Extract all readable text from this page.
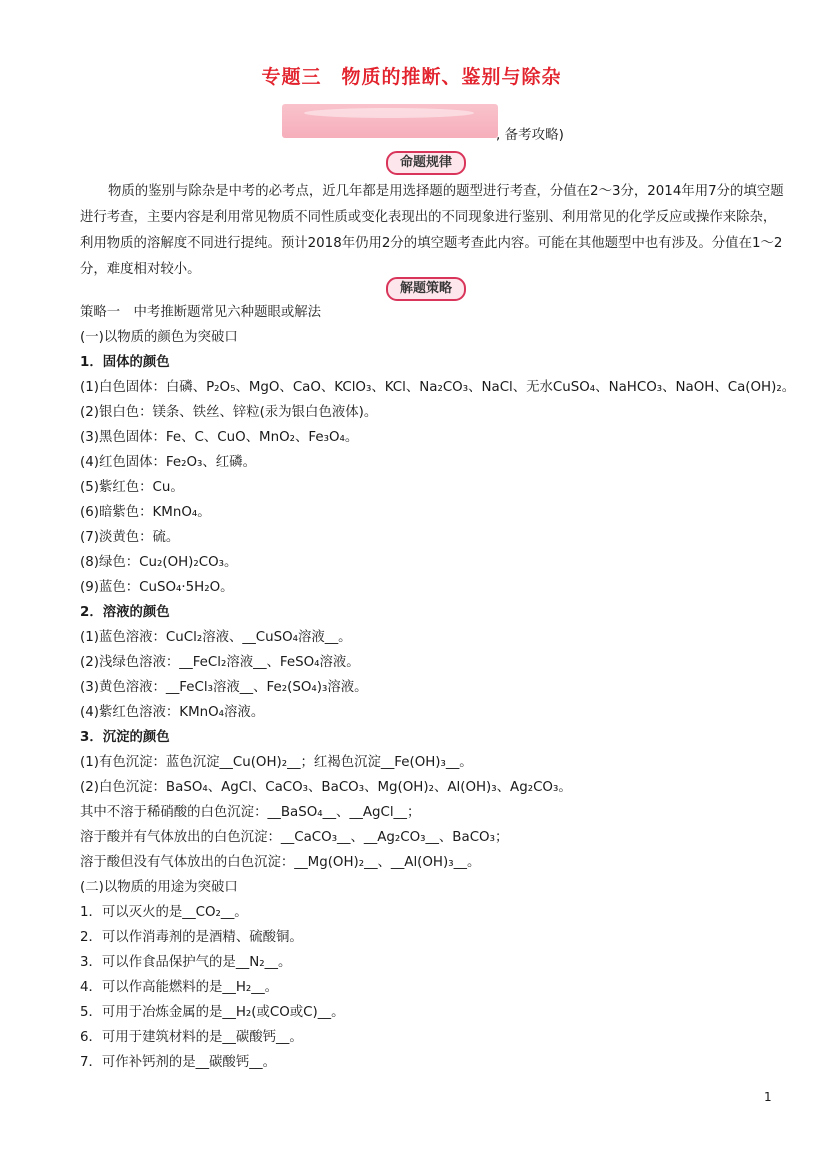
专题三　物质的推断、鉴别与除杂
, 备考攻略)
命题规律
物质的鉴别与除杂是中考的必考点，近几年都是用选择题的题型进行考查，分值在2～3分，2014年用7分的填空题进行考查，主要内容是利用常见物质不同性质或变化表现出的不同现象进行鉴别、利用常见的化学反应或操作来除杂，利用物质的溶解度不同进行提纯。预计2018年仍用2分的填空题考查此内容。可能在其他题型中也有涉及。分值在1～2分，难度相对较小。
解题策略
策略一　中考推断题常见六种题眼或解法
(一)以物质的颜色为突破口
1．固体的颜色
(1)白色固体：白磷、P₂O₅、MgO、CaO、KClO₃、KCl、Na₂CO₃、NaCl、无水CuSO₄、NaHCO₃、NaOH、Ca(OH)₂。
(2)银白色：镁条、铁丝、锌粒(汞为银白色液体)。
(3)黑色固体：Fe、C、CuO、MnO₂、Fe₃O₄。
(4)红色固体：Fe₂O₃、红磷。
(5)紫红色：Cu。
(6)暗紫色：KMnO₄。
(7)淡黄色：硫。
(8)绿色：Cu₂(OH)₂CO₃。
(9)蓝色：CuSO₄·5H₂O。
2．溶液的颜色
(1)蓝色溶液：CuCl₂溶液、__CuSO₄溶液__。
(2)浅绿色溶液：__FeCl₂溶液__、FeSO₄溶液。
(3)黄色溶液：__FeCl₃溶液__、Fe₂(SO₄)₃溶液。
(4)紫红色溶液：KMnO₄溶液。
3．沉淀的颜色
(1)有色沉淀：蓝色沉淀__Cu(OH)₂__；红褐色沉淀__Fe(OH)₃__。
(2)白色沉淀：BaSO₄、AgCl、CaCO₃、BaCO₃、Mg(OH)₂、Al(OH)₃、Ag₂CO₃。
其中不溶于稀硝酸的白色沉淀：__BaSO₄__、__AgCl__；
溶于酸并有气体放出的白色沉淀：__CaCO₃__、__Ag₂CO₃__、BaCO₃；
溶于酸但没有气体放出的白色沉淀：__Mg(OH)₂__、__Al(OH)₃__。
(二)以物质的用途为突破口
1．可以灭火的是__CO₂__。
2．可以作消毒剂的是酒精、硫酸铜。
3．可以作食品保护气的是__N₂__。
4．可以作高能燃料的是__H₂__。
5．可用于冶炼金属的是__H₂(或CO或C)__。
6．可用于建筑材料的是__碳酸钙__。
7．可作补钙剂的是__碳酸钙__。
1
